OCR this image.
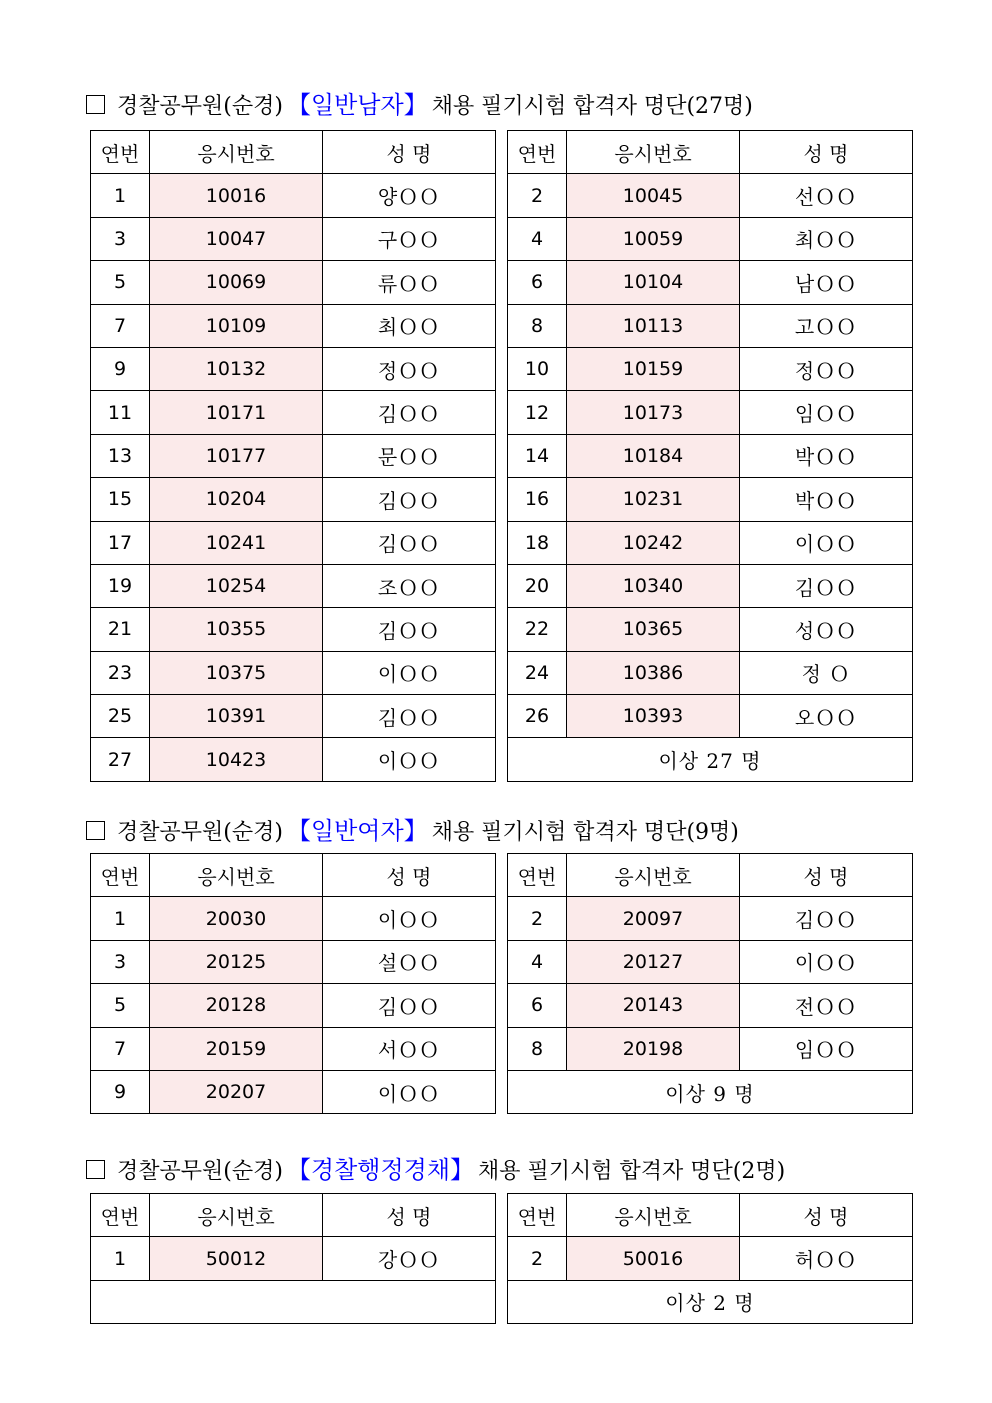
경찰공무원(순경) 【일반남자】 채용 필기시험 합격자 명단(27명)
연번	응시번호	성 명		연번	응시번호	성 명
1	10016	양ＯＯ		2	10045	선ＯＯ
3	10047	구ＯＯ		4	10059	최ＯＯ
5	10069	류ＯＯ		6	10104	남ＯＯ
7	10109	최ＯＯ		8	10113	고ＯＯ
9	10132	정ＯＯ		10	10159	정ＯＯ
11	10171	김ＯＯ		12	10173	임ＯＯ
13	10177	문ＯＯ		14	10184	박ＯＯ
15	10204	김ＯＯ		16	10231	박ＯＯ
17	10241	김ＯＯ		18	10242	이ＯＯ
19	10254	조ＯＯ		20	10340	김ＯＯ
21	10355	김ＯＯ		22	10365	성ＯＯ
23	10375	이ＯＯ		24	10386	정 Ｏ
25	10391	김ＯＯ		26	10393	오ＯＯ
27	10423	이ＯＯ		이상 27 명		
경찰공무원(순경) 【일반여자】 채용 필기시험 합격자 명단(9명)
연번	응시번호	성 명		연번	응시번호	성 명
1	20030	이ＯＯ		2	20097	김ＯＯ
3	20125	설ＯＯ		4	20127	이ＯＯ
5	20128	김ＯＯ		6	20143	전ＯＯ
7	20159	서ＯＯ		8	20198	임ＯＯ
9	20207	이ＯＯ		이상 9 명		
경찰공무원(순경) 【경찰행정경채】 채용 필기시험 합격자 명단(2명)
연번	응시번호	성 명		연번	응시번호	성 명
1	50012	강ＯＯ		2	50016	허ＯＯ
				이상 2 명		
